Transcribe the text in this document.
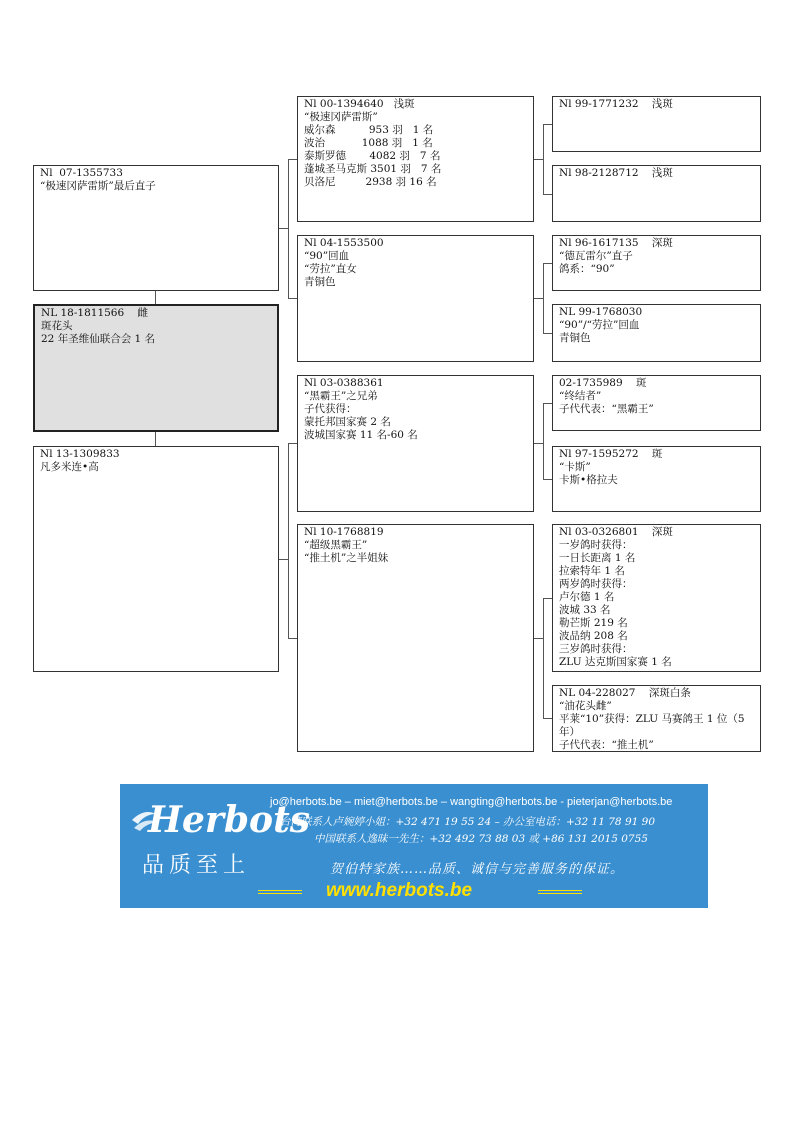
Nl  07-1355733
“极速冈萨雷斯”最后直子
NL 18-1811566    雌
斑花头
22 年圣维仙联合会 1 名
Nl 13-1309833
凡多米连•高
Nl 00-1394640   浅斑
“极速冈萨雷斯”
威尔森          953 羽   1 名
波治           1088 羽   1 名
泰斯罗德       4082 羽   7 名
蓬城圣马克斯 3501 羽   7 名
贝洛尼         2938 羽 16 名
Nl 04-1553500
“90”回血
“劳拉”直女
青铜色
Nl 03-0388361
“黑霸王”之兄弟
子代获得：
蒙托邦国家赛 2 名
波城国家赛 11 名-60 名
Nl 10-1768819
“超级黑霸王”
“推土机”之半姐妹
Nl 99-1771232    浅斑
Nl 98-2128712    浅斑
Nl 96-1617135    深斑
“德瓦雷尔”直子
鸽系：“90”
NL 99-1768030
“90”/“劳拉”回血
青铜色
02-1735989    斑
“终结者”
子代代表：“黑霸王”
Nl 97-1595272    斑
“卡斯”
卡斯•格拉夫
Nl 03-0326801    深斑
一岁鸽时获得：
一日长距离 1 名
拉索特年 1 名
两岁鸽时获得：
卢尔德 1 名
波城 33 名
勒芒斯 219 名
波品纳 208 名
三岁鸽时获得：
ZLU 达克斯国家赛 1 名
NL 04-228027    深斑白条
“油花头雌”
平莱“10”获得：ZLU 马赛鸽王 1 位（5
年）
子代代表：“推土机”
Herbots
品质至上
jo@herbots.be – miet@herbots.be – wangting@herbots.be - pieterjan@herbots.be
台湾联系人卢婉婷小姐：+32 471 19 55 24 – 办公室电话：+32 11 78 91 90
中国联系人逸昧一先生：+32 492 73 88 03 或 +86 131 2015 0755
贺伯特家族……品质、诚信与完善服务的保证。
www.herbots.be
